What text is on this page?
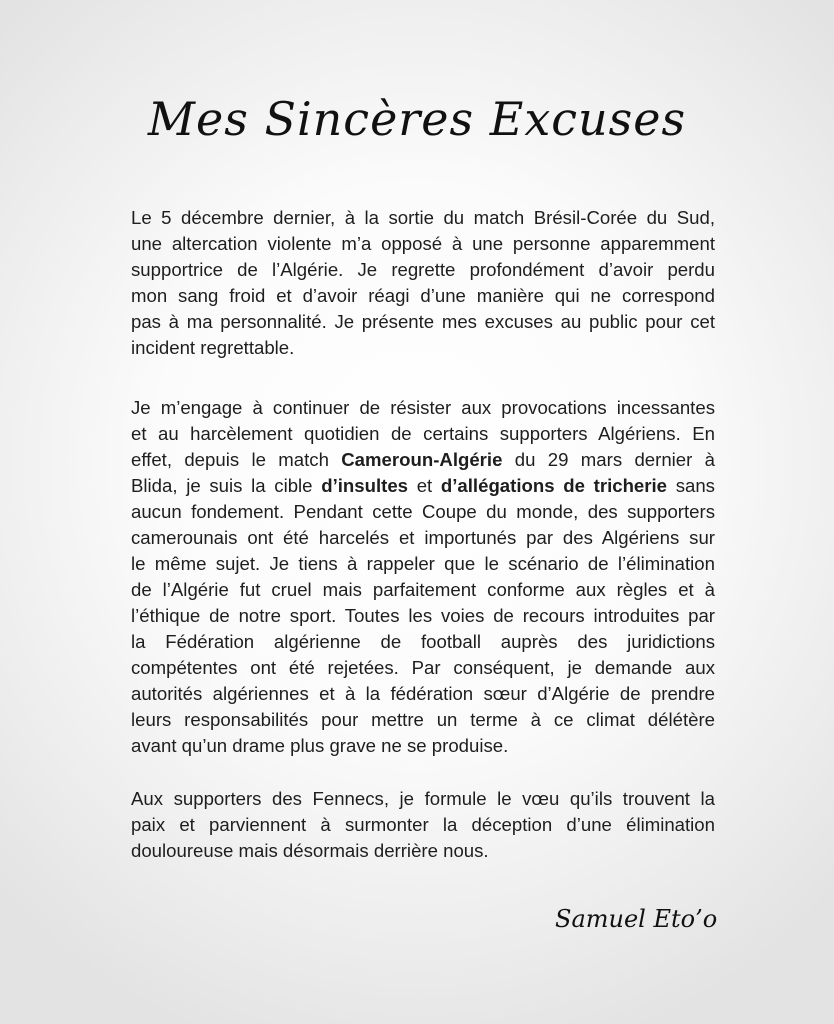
Mes Sincères Excuses
Le 5 décembre dernier, à la sortie du match Brésil-Corée du Sud,
une altercation violente m’a opposé à une personne apparemment
supportrice de l’Algérie. Je regrette profondément d’avoir perdu
mon sang froid et d’avoir réagi d’une manière qui ne correspond
pas à ma personnalité. Je présente mes excuses au public pour cet
incident regrettable.
Je m’engage à continuer de résister aux provocations incessantes
et au harcèlement quotidien de certains supporters Algériens. En
effet, depuis le match Cameroun-Algérie du 29 mars dernier à
Blida, je suis la cible d’insultes et d’allégations de tricherie sans
aucun fondement. Pendant cette Coupe du monde, des supporters
camerounais ont été harcelés et importunés par des Algériens sur
le même sujet. Je tiens à rappeler que le scénario de l’élimination
de l’Algérie fut cruel mais parfaitement conforme aux règles et à
l’éthique de notre sport. Toutes les voies de recours introduites par
la Fédération algérienne de football auprès des juridictions
compétentes ont été rejetées. Par conséquent, je demande aux
autorités algériennes et à la fédération sœur d’Algérie de prendre
leurs responsabilités pour mettre un terme à ce climat délétère
avant qu’un drame plus grave ne se produise.
Aux supporters des Fennecs, je formule le vœu qu’ils trouvent la
paix et parviennent à surmonter la déception d’une élimination
douloureuse mais désormais derrière nous.
Samuel Eto’o
